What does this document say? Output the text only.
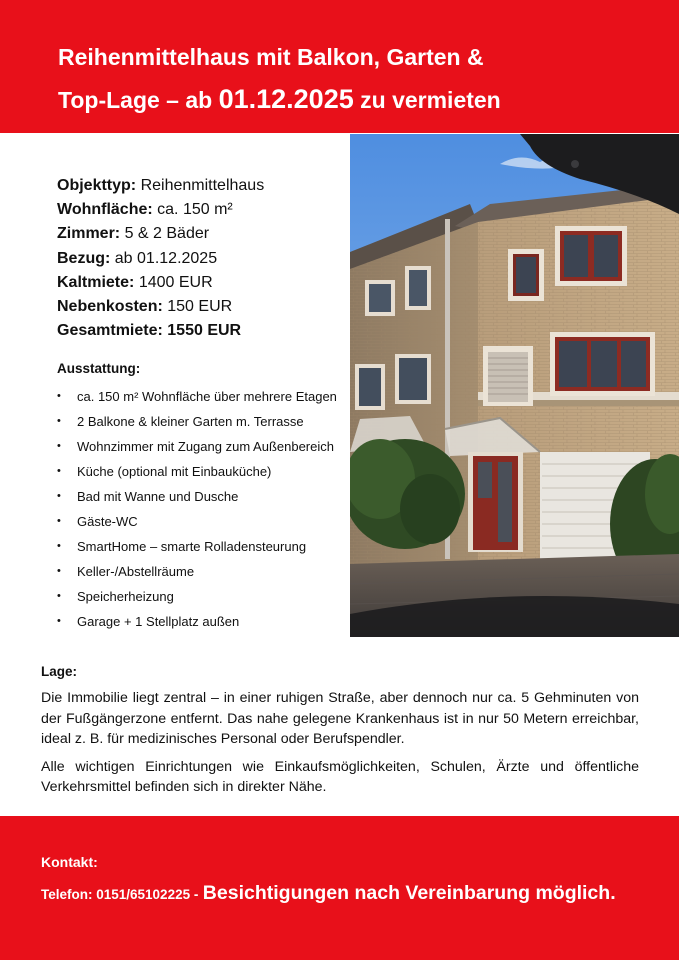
Reihenmittelhaus mit Balkon, Garten &
Top-Lage – ab 01.12.2025 zu vermieten
Objekttyp: Reihenmittelhaus
Wohnfläche: ca. 150 m²
Zimmer: 5 & 2 Bäder
Bezug: ab 01.12.2025
Kaltmiete: 1400 EUR
Nebenkosten: 150 EUR
Gesamtmiete: 1550 EUR
Ausstattung:
• ca. 150 m² Wohnfläche über mehrere Etagen
• 2 Balkone & kleiner Garten m. Terrasse
• Wohnzimmer mit Zugang zum Außenbereich
• Küche (optional mit Einbauküche)
• Bad mit Wanne und Dusche
• Gäste-WC
• SmartHome – smarte Rolladensteurung
• Keller-/Abstellräume
• Speicherheizung
• Garage + 1 Stellplatz außen
Lage:

Die Immobilie liegt zentral – in einer ruhigen Straße, aber dennoch nur ca. 5 Gehminuten von der Fußgängerzone entfernt. Das nahe gelegene Krankenhaus ist in nur 50 Metern erreichbar, ideal z. B. für medizinisches Personal oder Berufspendler.

Alle wichtigen Einrichtungen wie Einkaufsmöglichkeiten, Schulen, Ärzte und öffentliche Verkehrsmittel befinden sich in direkter Nähe.

Kontakt:
Telefon: 0151/65102225 - Besichtigungen nach Vereinbarung möglich.
